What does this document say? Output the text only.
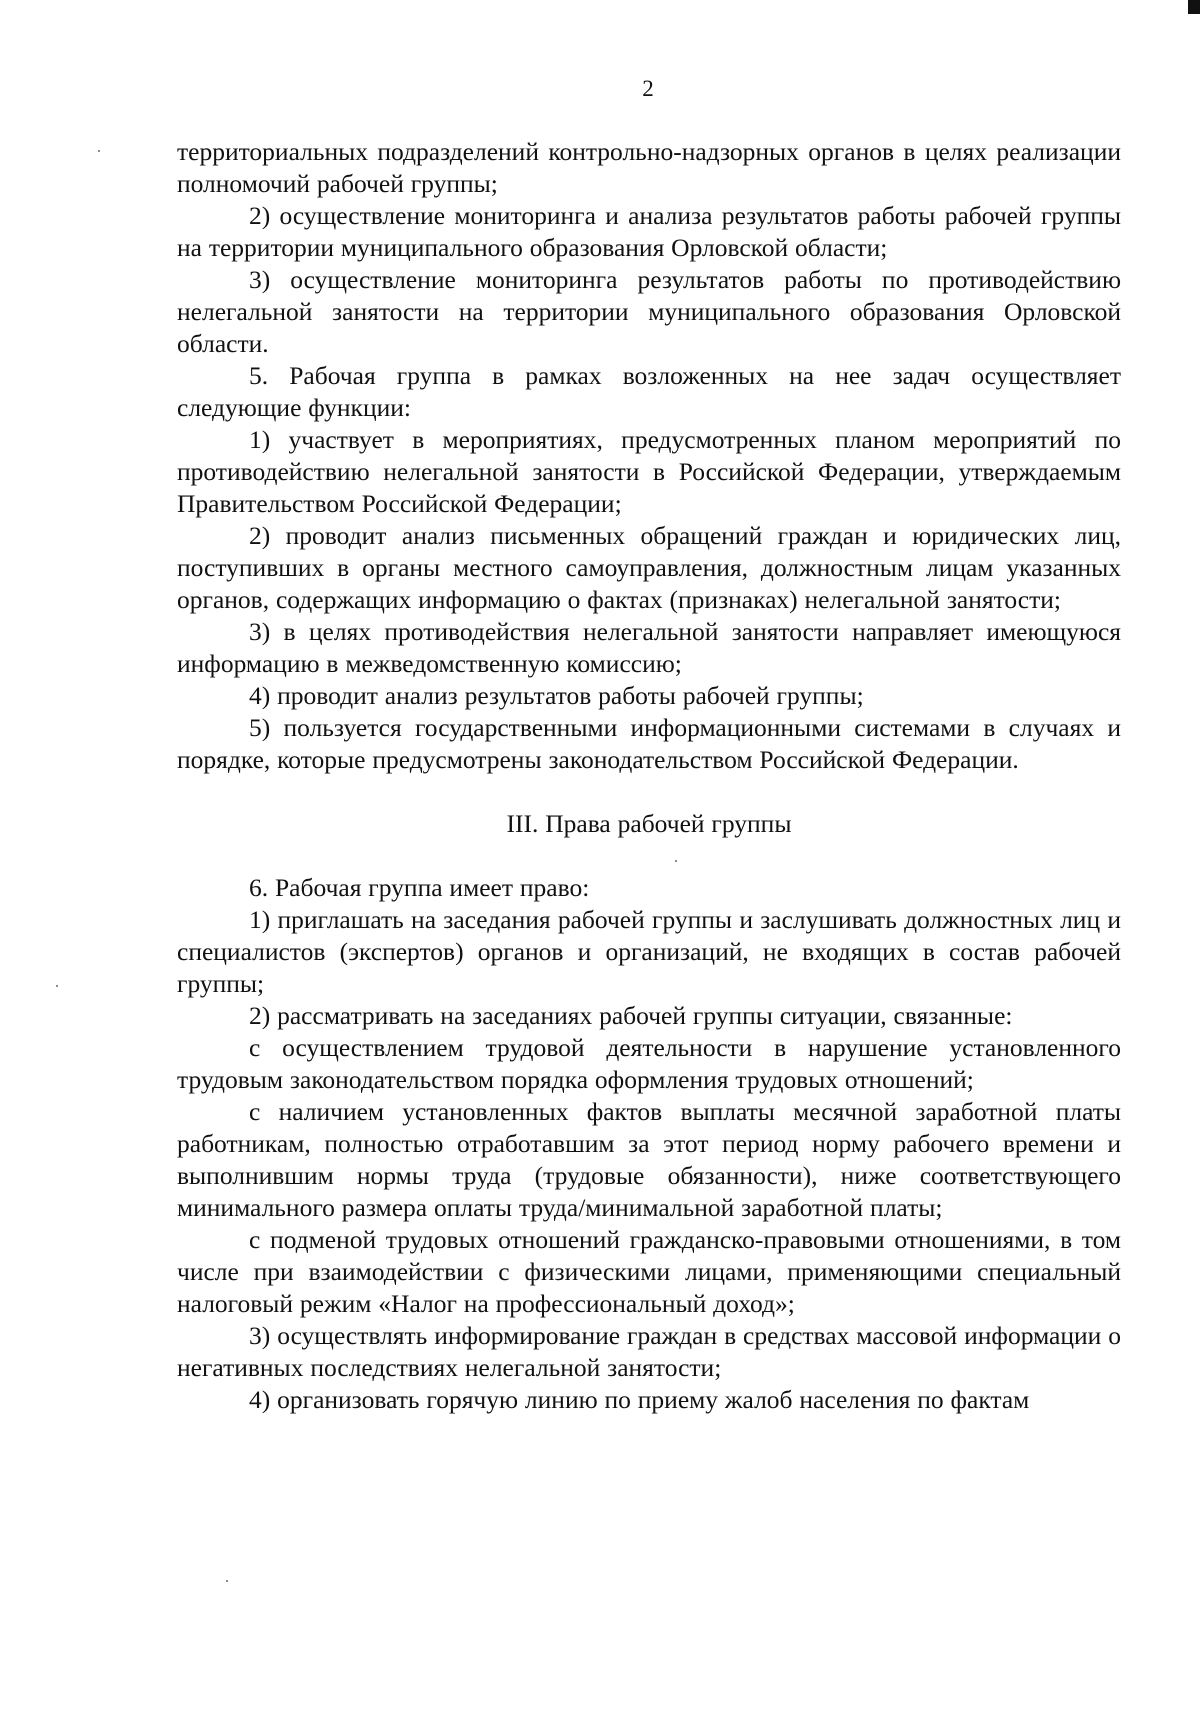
2

территориальных подразделений контрольно-надзорных органов в целях реализации полномочий рабочей группы;

2) осуществление мониторинга и анализа результатов работы рабочей группы на территории муниципального образования Орловской области;

3) осуществление мониторинга результатов работы по противодействию нелегальной занятости на территории муниципального образования Орловской области.

5. Рабочая группа в рамках возложенных на нее задач осуществляет следующие функции:

1) участвует в мероприятиях, предусмотренных планом мероприятий по противодействию нелегальной занятости в Российской Федерации, утверждаемым Правительством Российской Федерации;

2) проводит анализ письменных обращений граждан и юридических лиц, поступивших в органы местного самоуправления, должностным лицам указанных органов, содержащих информацию о фактах (признаках) нелегальной занятости;

3) в целях противодействия нелегальной занятости направляет имеющуюся информацию в межведомственную комиссию;

4) проводит анализ результатов работы рабочей группы;

5) пользуется государственными информационными системами в случаях и порядке, которые предусмотрены законодательством Российской Федерации.

III. Права рабочей группы

6. Рабочая группа имеет право:

1) приглашать на заседания рабочей группы и заслушивать должностных лиц и специалистов (экспертов) органов и организаций, не входящих в состав рабочей группы;

2) рассматривать на заседаниях рабочей группы ситуации, связанные:

с осуществлением трудовой деятельности в нарушение установленного трудовым законодательством порядка оформления трудовых отношений;

с наличием установленных фактов выплаты месячной заработной платы работникам, полностью отработавшим за этот период норму рабочего времени и выполнившим нормы труда (трудовые обязанности), ниже соответствующего минимального размера оплаты труда/минимальной заработной платы;

с подменой трудовых отношений гражданско-правовыми отношениями, в том числе при взаимодействии с физическими лицами, применяющими специальный налоговый режим «Налог на профессиональный доход»;

3) осуществлять информирование граждан в средствах массовой информации о негативных последствиях нелегальной занятости;

4) организовать горячую линию по приему жалоб населения по фактам
